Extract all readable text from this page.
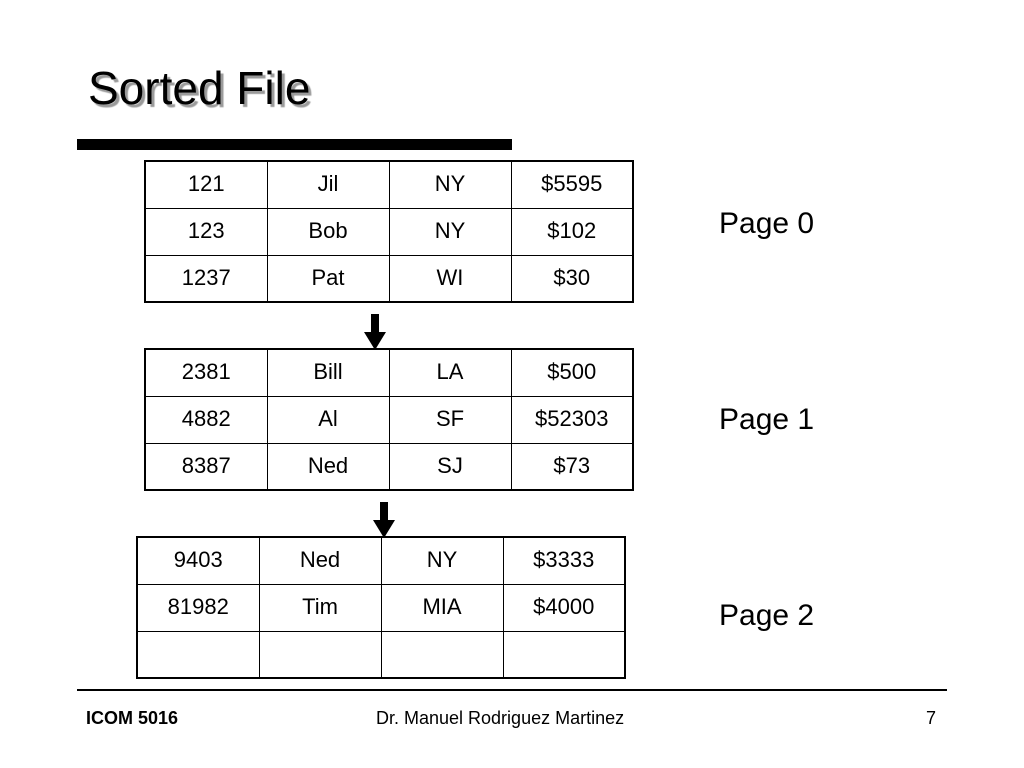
Sorted File
121	Jil	NY	$5595
123	Bob	NY	$102
1237	Pat	WI	$30
Page 0
2381	Bill	LA	$500
4882	Al	SF	$52303
8387	Ned	SJ	$73
Page 1
9403	Ned	NY	$3333
81982	Tim	MIA	$4000
				Page 2
ICOM 5016	Dr. Manuel Rodriguez Martinez	7
